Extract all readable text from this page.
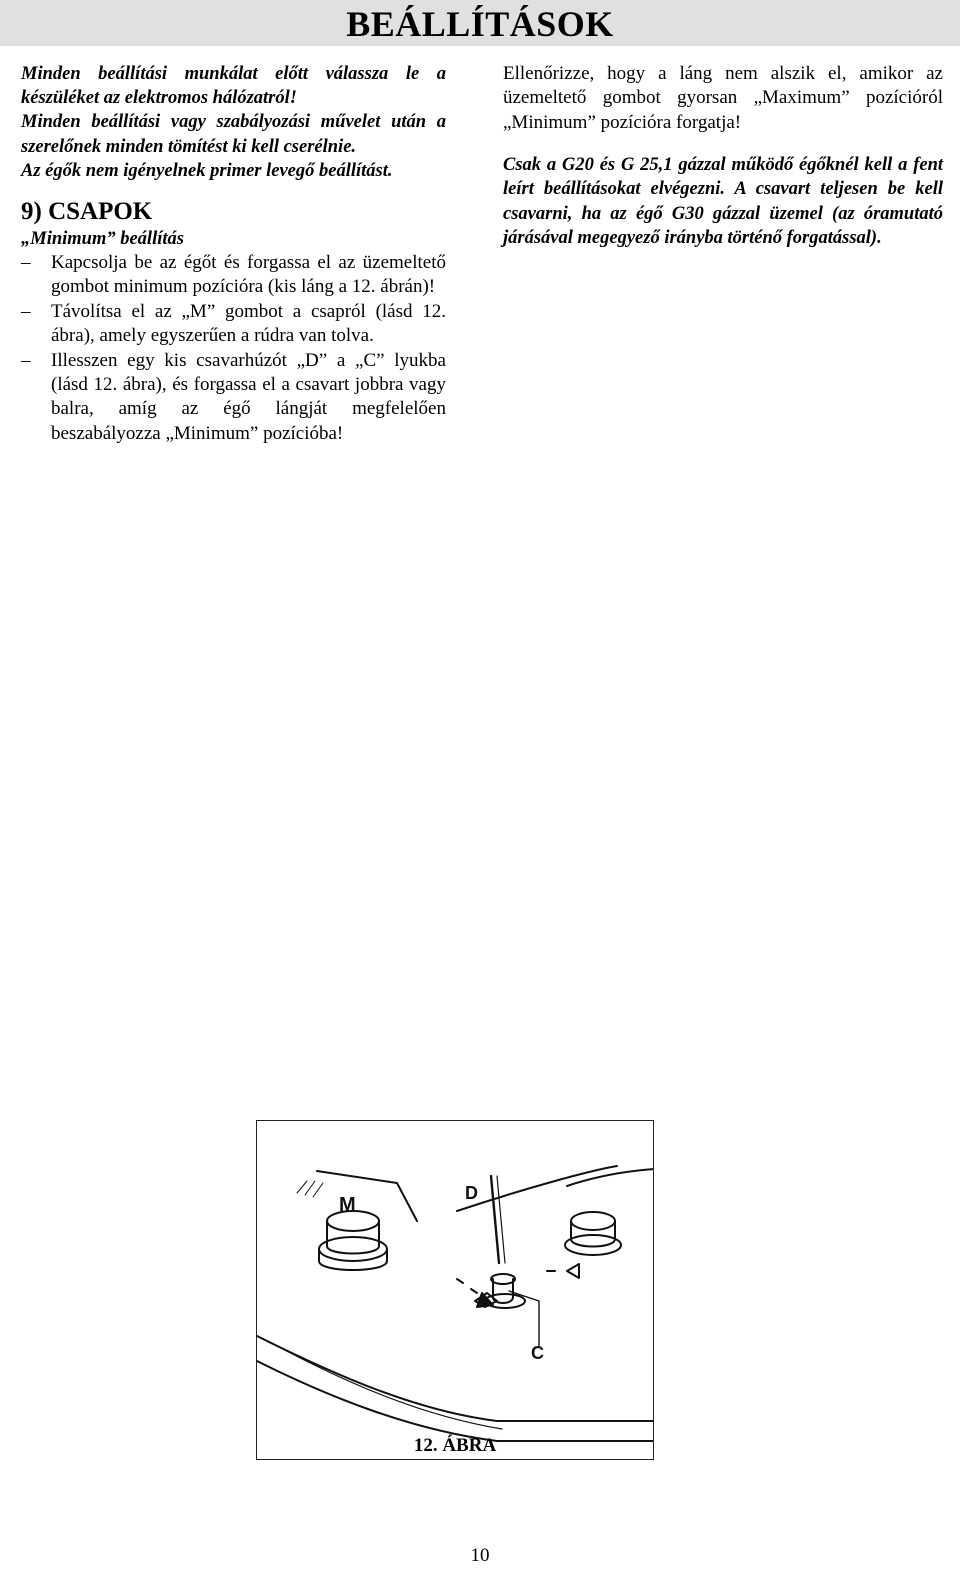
BEÁLLÍTÁSOK

Minden beállítási munkálat előtt válassza le a készüléket az elektromos hálózatról!

Minden beállítási vagy szabályozási művelet után a szerelőnek minden tömítést ki kell cserélnie.

Az égők nem igényelnek primer levegő beállítást.

9) CSAPOK
„Minimum” beállítás
– Kapcsolja be az égőt és forgassa el az üzemeltető gombot minimum pozícióra (kis láng a 12. ábrán)!
– Távolítsa el az „M” gombot a csapról (lásd 12. ábra), amely egyszerűen a rúdra van tolva.
– Illesszen egy kis csavarhúzót „D” a „C” lyukba (lásd 12. ábra), és forgassa el a csavart jobbra vagy balra, amíg az égő lángját megfelelően beszabályozza „Minimum” pozícióba!

Ellenőrizze, hogy a láng nem alszik el, amikor az üzemeltető gombot gyorsan „Maximum” pozícióról „Minimum” pozícióra forgatja!

Csak a G20 és G 25,1 gázzal működő égőknél kell a fent leírt beállításokat elvégezni. A csavart teljesen be kell csavarni, ha az égő G30 gázzal üzemel (az óramutató járásával megegyező irányba történő forgatással).

M
D
C
12. ÁBRA
10
